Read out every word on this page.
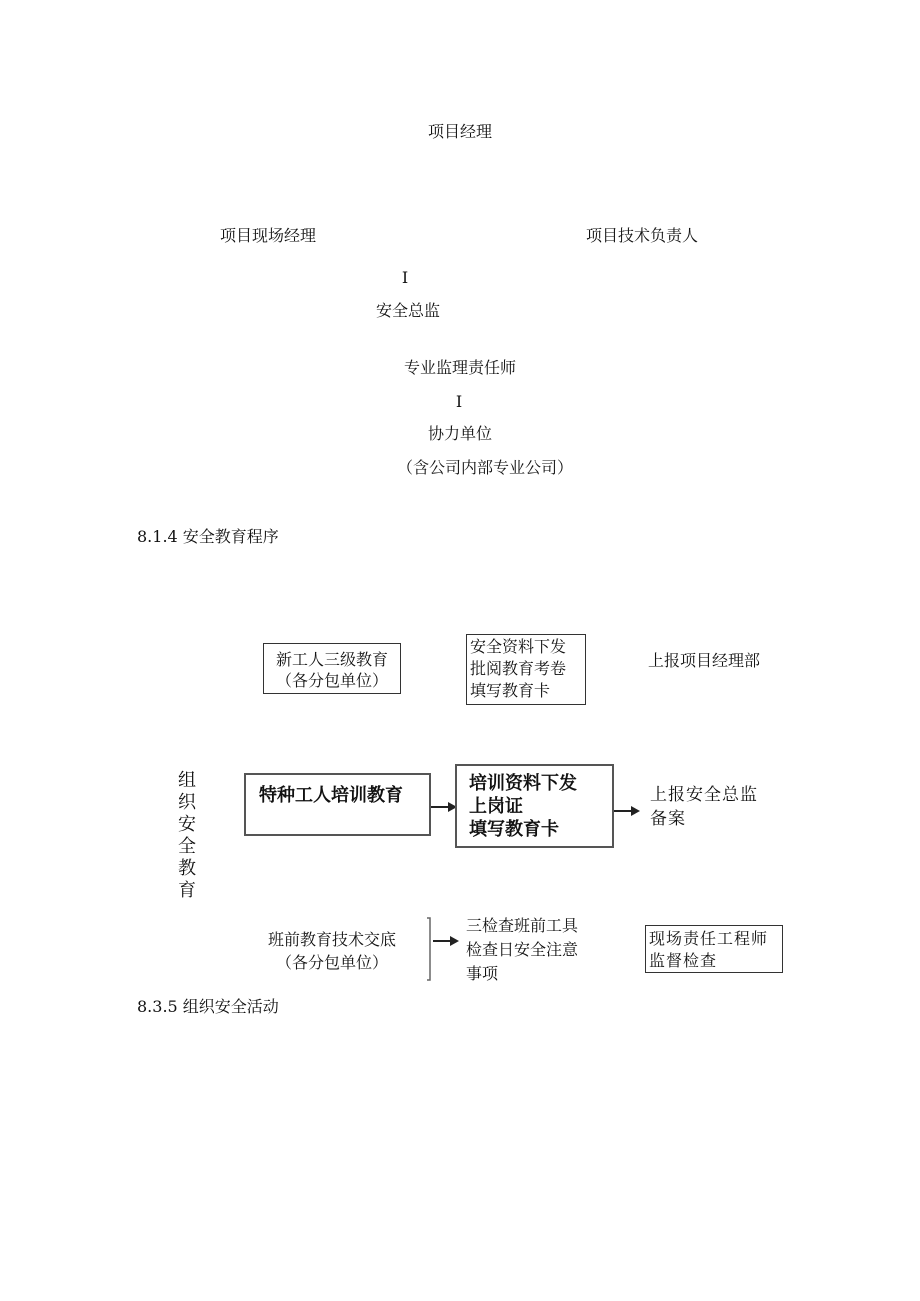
项目经理
项目现场经理	项目技术负责人
I
安全总监
专业监理责任师
I
协力单位
（含公司内部专业公司）
8.1.4 安全教育程序
组
织
安
全
教
育
新工人三级教育
（各分包单位）
安全资料下发
批阅教育考卷
填写教育卡
上报项目经理部
特种工人培训教育
培训资料下发
上岗证
填写教育卡
上报安全总监
备案
班前教育技术交底
（各分包单位）
三检查班前工具
检查日安全注意
事项
现场责任工程师
监督检查
8.3.5 组织安全活动
